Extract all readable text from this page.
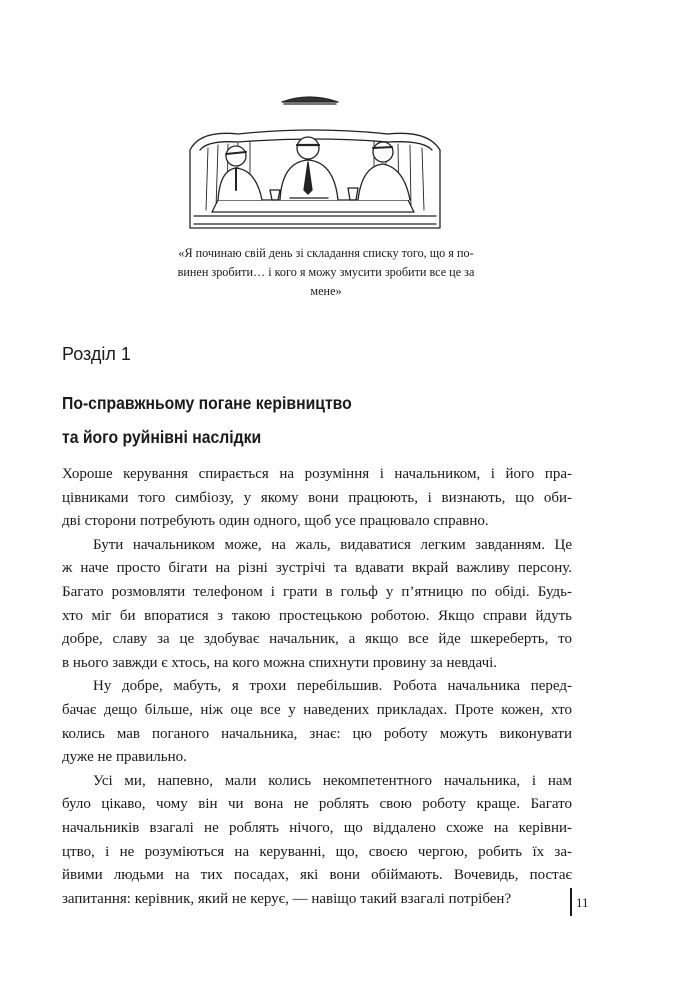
«Я починаю свій день зі складання списку того, що я по-
винен зробити… і кого я можу змусити зробити все це за
мене»

Розділ 1

По-справжньому погане керівництво
та його руйнівні наслідки
Хороше керування спирається на розуміння і начальником, і його пра-
цівниками того симбіозу, у якому вони працюють, і визнають, що оби-
дві сторони потребують один одного, щоб усе працювало справно.
Бути начальником може, на жаль, видаватися легким завданням. Це
ж наче просто бігати на різні зустрічі та вдавати вкрай важливу персону.
Багато розмовляти телефоном і грати в гольф у п’ятницю по обіді. Будь-
хто міг би впоратися з такою простецькою роботою. Якщо справи йдуть
добре, славу за це здобуває начальник, а якщо все йде шкереберть, то
в нього завжди є хтось, на кого можна спихнути провину за невдачі.
Ну добре, мабуть, я трохи перебільшив. Робота начальника перед-
бачає дещо більше, ніж оце все у наведених прикладах. Проте кожен, хто
колись мав поганого начальника, знає: цю роботу можуть виконувати
дуже не правильно.
Усі ми, напевно, мали колись некомпетентного начальника, і нам
було цікаво, чому він чи вона не роблять свою роботу краще. Багато
начальників взагалі не роблять нічого, що віддалено схоже на керівни-
цтво, і не розуміються на керуванні, що, своєю чергою, робить їх за-
йвими людьми на тих посадах, які вони обіймають. Вочевидь, постає
запитання: керівник, який не керує, — навіщо такий взагалі потрібен?	11
